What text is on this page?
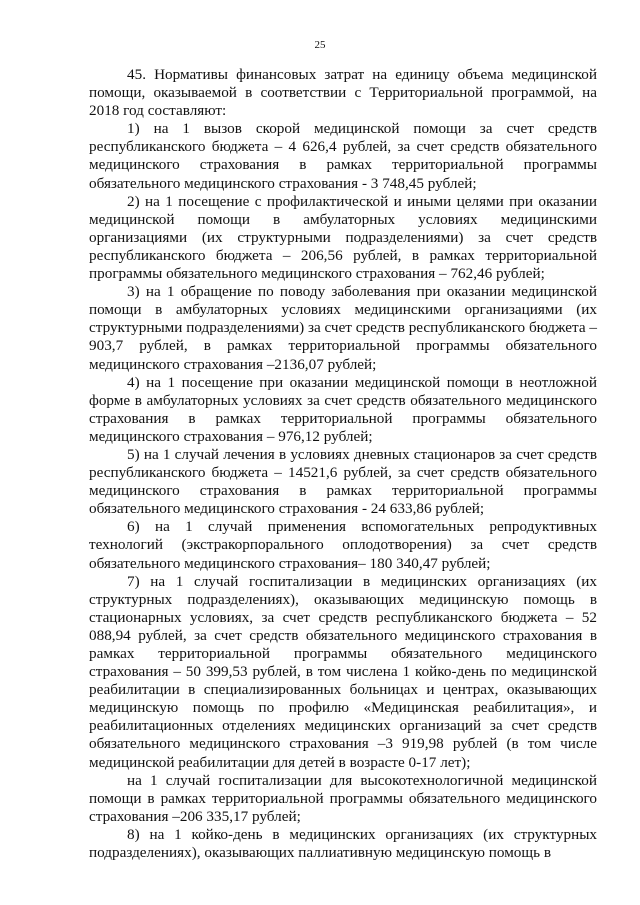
25

45. Нормативы финансовых затрат на единицу объема медицинской помощи, оказываемой в соответствии с Территориальной программой, на 2018 год составляют:

1) на 1 вызов скорой медицинской помощи за счет средств республиканского бюджета – 4 626,4 рублей, за счет средств обязательного медицинского страхования в рамках территориальной программы обязательного медицинского страхования - 3 748,45 рублей;

2) на 1 посещение с профилактической и иными целями при оказании медицинской помощи в амбулаторных условиях медицинскими организациями (их структурными подразделениями) за счет средств республиканского бюджета – 206,56 рублей, в рамках территориальной программы обязательного медицинского страхования – 762,46 рублей;

3) на 1 обращение по поводу заболевания при оказании медицинской помощи в амбулаторных условиях медицинскими организациями (их структурными подразделениями) за счет средств республиканского бюджета – 903,7 рублей, в рамках территориальной программы обязательного медицинского страхования –2136,07 рублей;

4) на 1 посещение при оказании медицинской помощи в неотложной форме в амбулаторных условиях за счет средств обязательного медицинского страхования в рамках территориальной программы обязательного медицинского страхования – 976,12 рублей;

5) на 1 случай лечения в условиях дневных стационаров за счет средств республиканского бюджета – 14521,6 рублей, за счет средств обязательного медицинского страхования в рамках территориальной программы обязательного медицинского страхования - 24 633,86 рублей;

6) на 1 случай применения вспомогательных репродуктивных технологий (экстракорпорального оплодотворения) за счет средств обязательного медицинского страхования– 180 340,47 рублей;

7) на 1 случай госпитализации в медицинских организациях (их структурных подразделениях), оказывающих медицинскую помощь в стационарных условиях, за счет средств республиканского бюджета – 52 088,94 рублей, за счет средств обязательного медицинского страхования в рамках территориальной программы обязательного медицинского страхования – 50 399,53 рублей, в том числена 1 койко-день по медицинской реабилитации в специализированных больницах и центрах, оказывающих медицинскую помощь по профилю «Медицинская реабилитация», и реабилитационных отделениях медицинских организаций за счет средств обязательного медицинского страхования –3 919,98 рублей (в том числе медицинской реабилитации для детей в возрасте 0-17 лет);

на 1 случай госпитализации для высокотехнологичной медицинской помощи в рамках территориальной программы обязательного медицинского страхования –206 335,17 рублей;

8) на 1 койко-день в медицинских организациях (их структурных подразделениях), оказывающих паллиативную медицинскую помощь в
